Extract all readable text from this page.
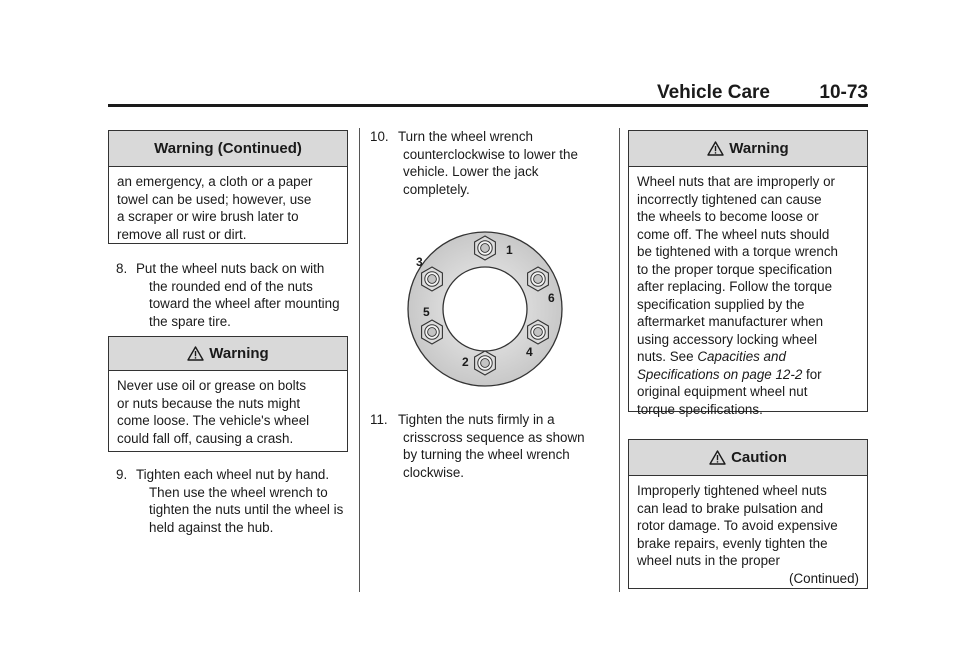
Vehicle Care	10-73
Warning (Continued)
an emergency, a cloth or a paper
towel can be used; however, use
a scraper or wire brush later to
remove all rust or dirt.
8. Put the wheel nuts back on with
the rounded end of the nuts
toward the wheel after mounting
the spare tire.
Warning
Never use oil or grease on bolts
or nuts because the nuts might
come loose. The vehicle's wheel
could fall off, causing a crash.
9. Tighten each wheel nut by hand.
Then use the wheel wrench to
tighten the nuts until the wheel is
held against the hub.
10. Turn the wheel wrench
counterclockwise to lower the
vehicle. Lower the jack
completely.
1
2
3
4
5
6
11. Tighten the nuts firmly in a
crisscross sequence as shown
by turning the wheel wrench
clockwise.
Warning
Wheel nuts that are improperly or
incorrectly tightened can cause
the wheels to become loose or
come off. The wheel nuts should
be tightened with a torque wrench
to the proper torque specification
after replacing. Follow the torque
specification supplied by the
aftermarket manufacturer when
using accessory locking wheel
nuts. See Capacities and
Specifications on page 12-2 for
original equipment wheel nut
torque specifications.
Caution
Improperly tightened wheel nuts
can lead to brake pulsation and
rotor damage. To avoid expensive
brake repairs, evenly tighten the
wheel nuts in the proper
(Continued)
